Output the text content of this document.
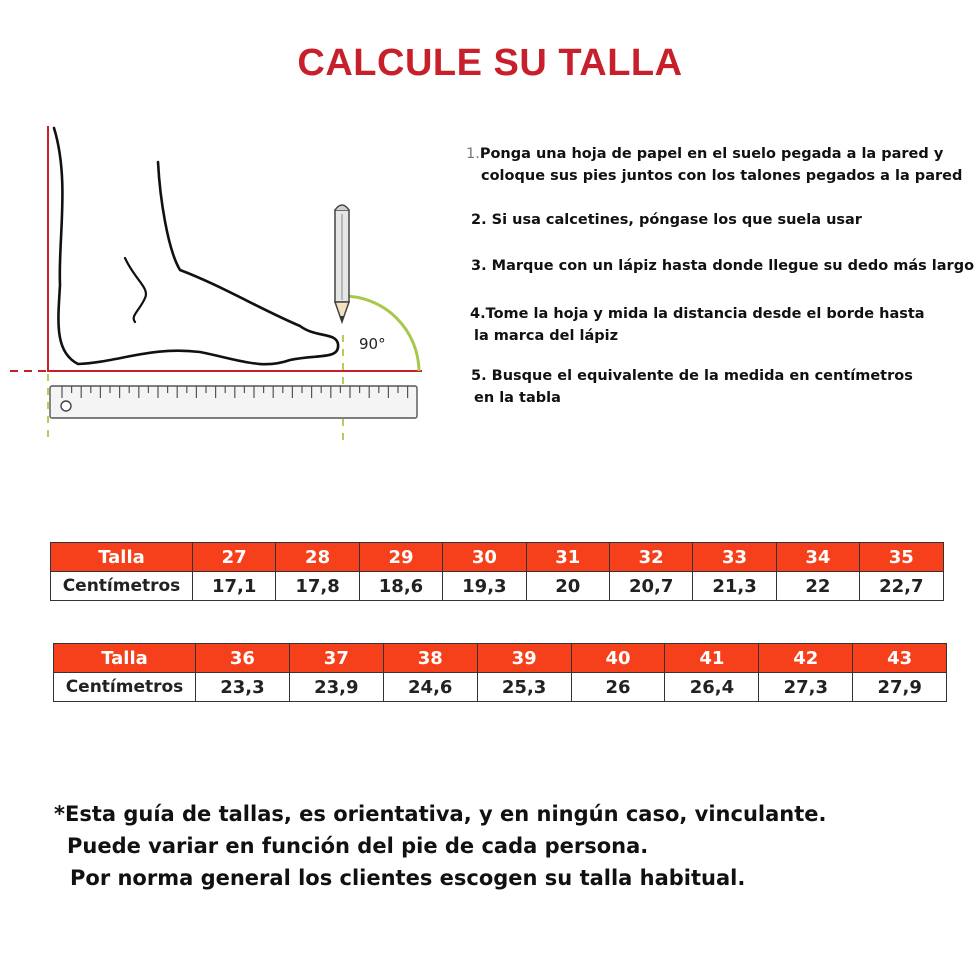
CALCULE SU TALLA
90°
1.Ponga una hoja de papel en el suelo pegada a la pared y
coloque sus pies juntos con los talones pegados a la pared
2. Si usa calcetines, póngase los que suela usar
3. Marque con un lápiz hasta donde llegue su dedo más largo
4.Tome la hoja y mida la distancia desde el borde hasta
la marca del lápiz
5. Busque el equivalente de la medida en centímetros
en la tabla
Talla	27	28	29	30	31	32	33	34	35
Centímetros	17,1	17,8	18,6	19,3	20	20,7	21,3	22	22,7
Talla	36	37	38	39	40	41	42	43
Centímetros	23,3	23,9	24,6	25,3	26	26,4	27,3	27,9
*Esta guía de tallas, es orientativa, y en ningún caso, vinculante.
Puede variar en función del pie de cada persona.
Por norma general los clientes escogen su talla habitual.
